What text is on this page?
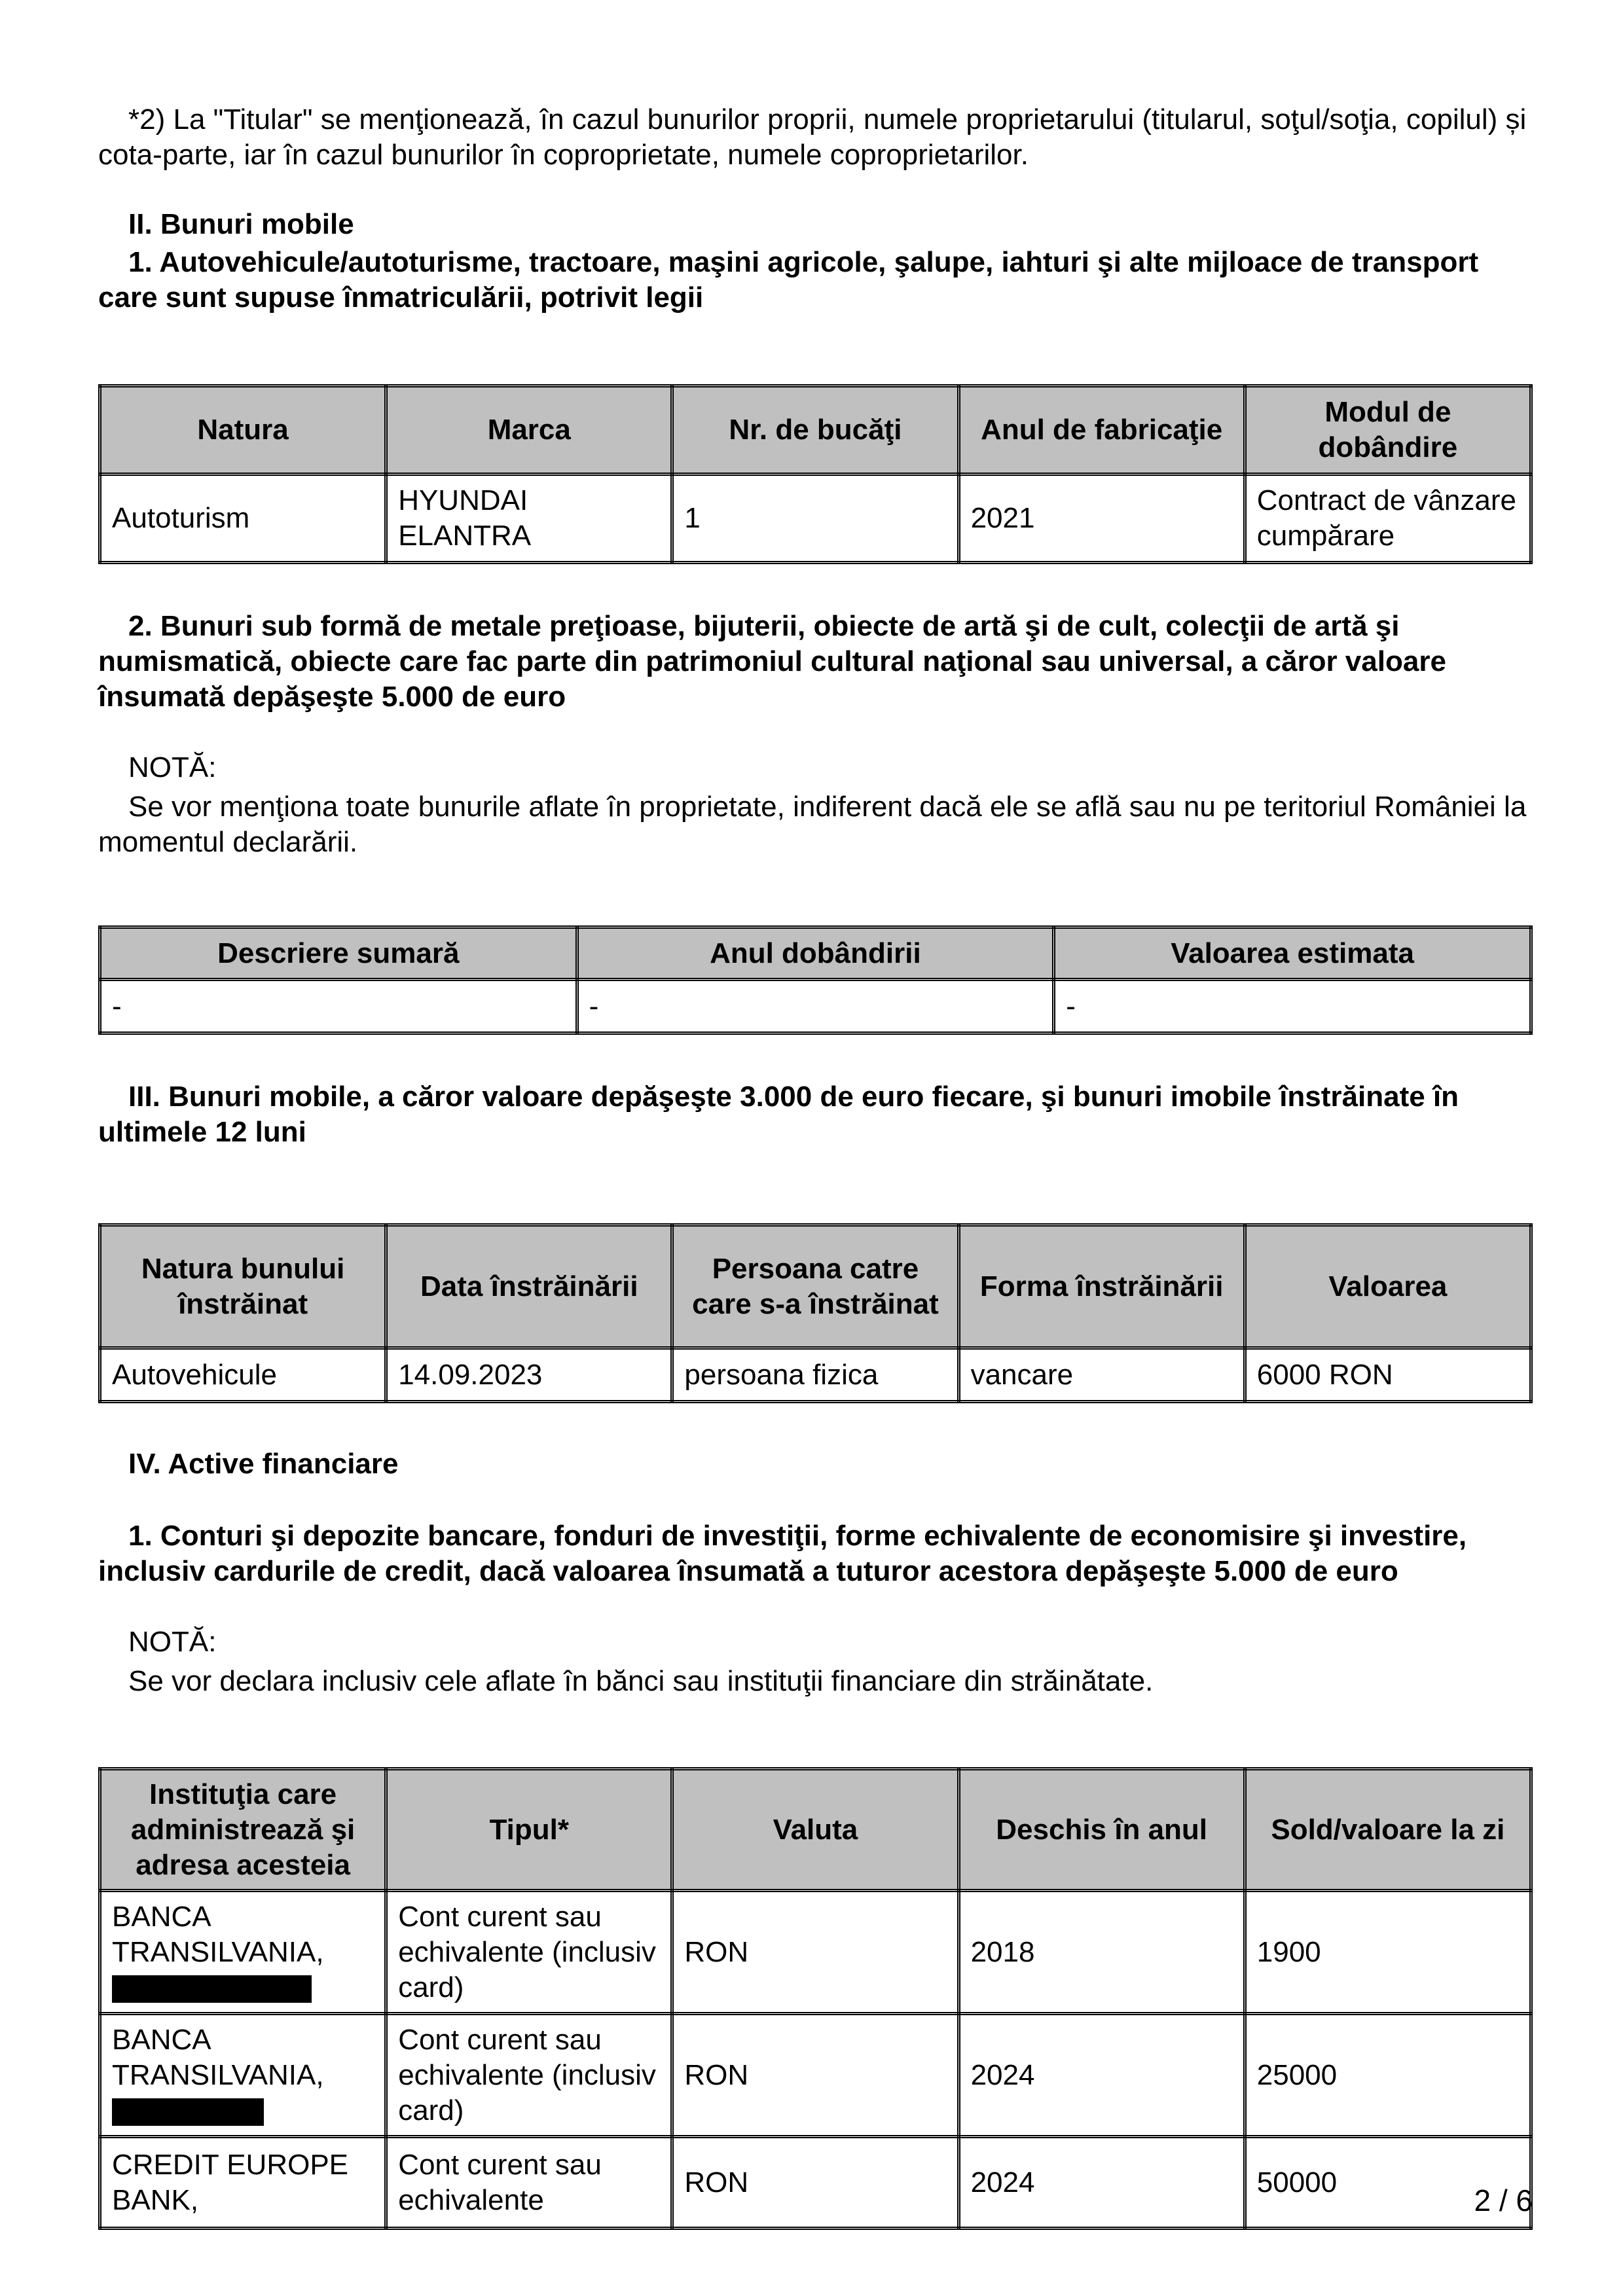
*2) La "Titular" se menţionează, în cazul bunurilor proprii, numele proprietarului (titularul, soţul/soţia, copilul) și cota-parte, iar în cazul bunurilor în coproprietate, numele coproprietarilor.

II. Bunuri mobile

1. Autovehicule/autoturisme, tractoare, maşini agricole, şalupe, iahturi şi alte mijloace de transport care sunt supuse înmatriculării, potrivit legii

Natura	Marca	Nr. de bucăţi	Anul de fabricaţie	Modul de dobândire
Autoturism	HYUNDAI ELANTRA	1	2021	Contract de vânzare cumpărare

2. Bunuri sub formă de metale preţioase, bijuterii, obiecte de artă şi de cult, colecţii de artă şi numismatică, obiecte care fac parte din patrimoniul cultural naţional sau universal, a căror valoare însumată depăşeşte 5.000 de euro

NOTĂ:

Se vor menţiona toate bunurile aflate în proprietate, indiferent dacă ele se află sau nu pe teritoriul României la momentul declarării.

Descriere sumară	Anul dobândirii	Valoarea estimata
-	-	-

III. Bunuri mobile, a căror valoare depăşeşte 3.000 de euro fiecare, şi bunuri imobile înstrăinate în ultimele 12 luni

Natura bunului înstrăinat	Data înstrăinării	Persoana catre care s-a înstrăinat	Forma înstrăinării	Valoarea
Autovehicule	14.09.2023	persoana fizica	vancare	6000 RON

IV. Active financiare

1. Conturi şi depozite bancare, fonduri de investiţii, forme echivalente de economisire şi investire, inclusiv cardurile de credit, dacă valoarea însumată a tuturor acestora depăşeşte 5.000 de euro

NOTĂ:

Se vor declara inclusiv cele aflate în bănci sau instituţii financiare din străinătate.

Instituţia care administrează şi adresa acesteia	Tipul*	Valuta	Deschis în anul	Sold/valoare la zi
BANCA TRANSILVANIA,	Cont curent sau echivalente (inclusiv card)	RON	2018	1900
BANCA TRANSILVANIA,	Cont curent sau echivalente (inclusiv card)	RON	2024	25000
CREDIT EUROPE BANK,	Cont curent sau echivalente	RON	2024	50000
2 / 6
